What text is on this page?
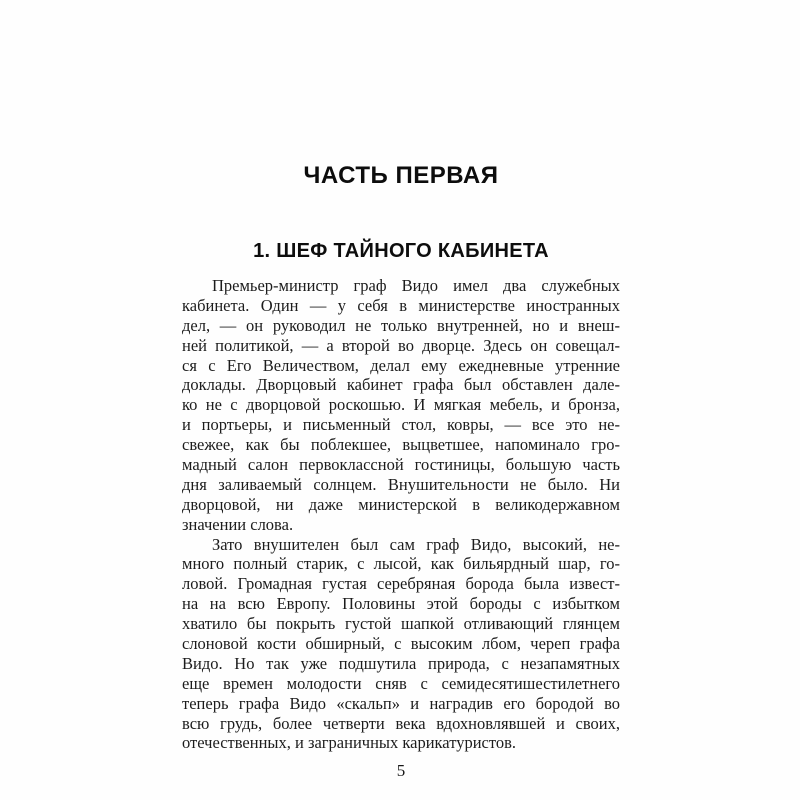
ЧАСТЬ ПЕРВАЯ
1. ШЕФ ТАЙНОГО КАБИНЕТА
Премьер-министр граф Видо имел два служебных
кабинета. Один — у себя в министерстве иностранных
дел, — он руководил не только внутренней, но и внеш-
ней политикой, — а второй во дворце. Здесь он совещал-
ся с Его Величеством, делал ему ежедневные утренние
доклады. Дворцовый кабинет графа был обставлен дале-
ко не с дворцовой роскошью. И мягкая мебель, и бронза,
и портьеры, и письменный стол, ковры, — все это не-
свежее, как бы поблекшее, выцветшее, напоминало гро-
мадный салон первоклассной гостиницы, большую часть
дня заливаемый солнцем. Внушительности не было. Ни
дворцовой, ни даже министерской в великодержавном
значении слова.
Зато внушителен был сам граф Видо, высокий, не-
много полный старик, с лысой, как бильярдный шар, го-
ловой. Громадная густая серебряная борода была извест-
на на всю Европу. Половины этой бороды с избытком
хватило бы покрыть густой шапкой отливающий глянцем
слоновой кости обширный, с высоким лбом, череп графа
Видо. Но так уже подшутила природа, с незапамятных
еще времен молодости сняв с семидесятишестилетнего
теперь графа Видо «скальп» и наградив его бородой во
всю грудь, более четверти века вдохновлявшей и своих,
отечественных, и заграничных карикатуристов.
5
